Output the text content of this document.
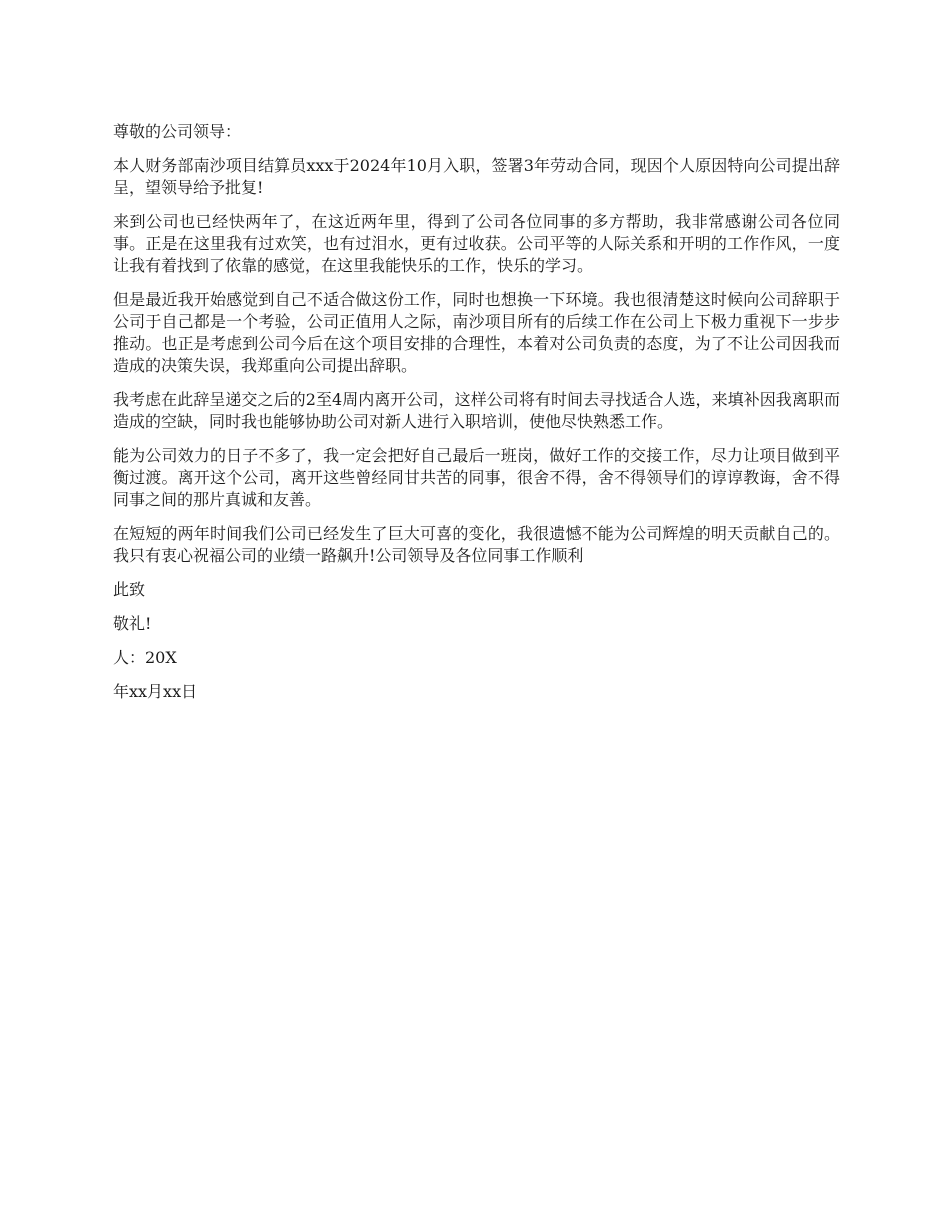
尊敬的公司领导：

本人财务部南沙项目结算员xxx于2024年10月入职，签署3年劳动合同，现因个人原因特向公司提出辞呈，望领导给予批复!

来到公司也已经快两年了，在这近两年里，得到了公司各位同事的多方帮助，我非常感谢公司各位同事。正是在这里我有过欢笑，也有过泪水，更有过收获。公司平等的人际关系和开明的工作作风，一度让我有着找到了依靠的感觉，在这里我能快乐的工作，快乐的学习。

但是最近我开始感觉到自己不适合做这份工作，同时也想换一下环境。我也很清楚这时候向公司辞职于公司于自己都是一个考验，公司正值用人之际，南沙项目所有的后续工作在公司上下极力重视下一步步推动。也正是考虑到公司今后在这个项目安排的合理性，本着对公司负责的态度，为了不让公司因我而造成的决策失误，我郑重向公司提出辞职。

我考虑在此辞呈递交之后的2至4周内离开公司，这样公司将有时间去寻找适合人选，来填补因我离职而造成的空缺，同时我也能够协助公司对新人进行入职培训，使他尽快熟悉工作。

能为公司效力的日子不多了，我一定会把好自己最后一班岗，做好工作的交接工作，尽力让项目做到平衡过渡。离开这个公司，离开这些曾经同甘共苦的同事，很舍不得，舍不得领导们的谆谆教诲，舍不得同事之间的那片真诚和友善。

在短短的两年时间我们公司已经发生了巨大可喜的变化，我很遗憾不能为公司辉煌的明天贡献自己的。我只有衷心祝福公司的业绩一路飙升!公司领导及各位同事工作顺利

此致

敬礼!

人：20X

年xx月xx日
